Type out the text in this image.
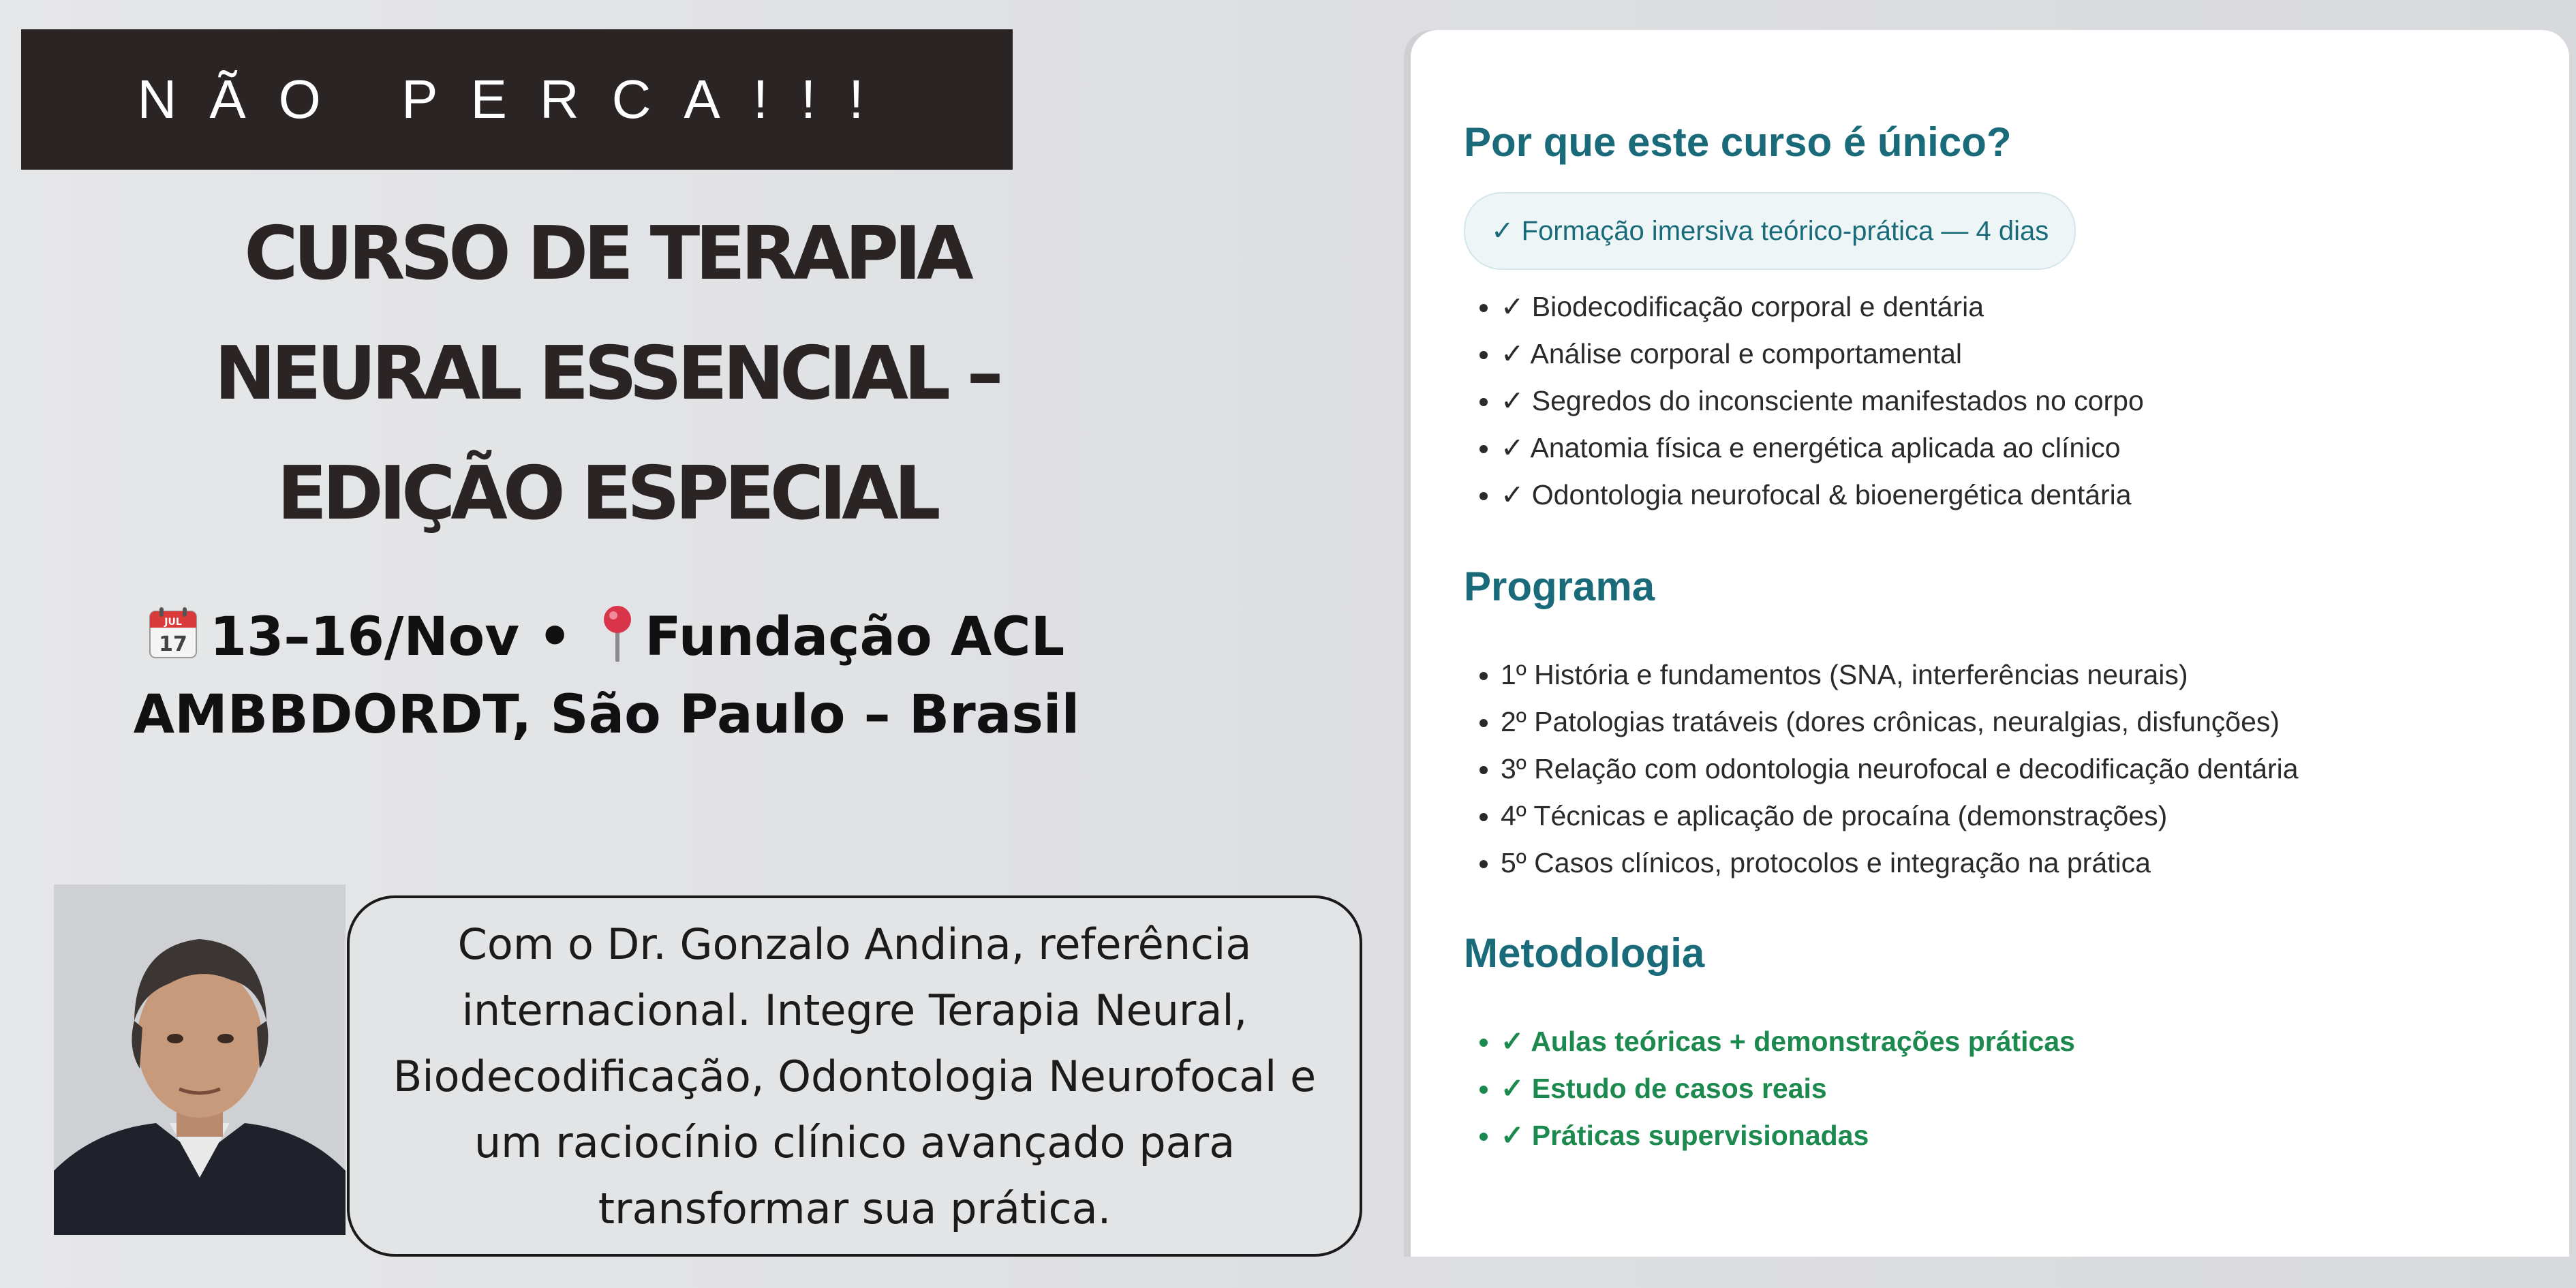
NÃO PERCA!!!
CURSO DE TERAPIA
NEURAL ESSENCIAL –
EDIÇÃO ESPECIAL
JUL
17 13–16/Nov • Fundação ACL
AMBBDORDT, São Paulo – Brasil

Com o Dr. Gonzalo Andina, referência
internacional. Integre Terapia Neural,
Biodecodificação, Odontologia Neurofocal e
um raciocínio clínico avançado para
transformar sua prática.

Por que este curso é único?
✓ Formação imersiva teórico-prática — 4 dias
• ✓ Biodecodificação corporal e dentária
• ✓ Análise corporal e comportamental
• ✓ Segredos do inconsciente manifestados no corpo
• ✓ Anatomia física e energética aplicada ao clínico
• ✓ Odontologia neurofocal & bioenergética dentária
Programa
• 1º História e fundamentos (SNA, interferências neurais)
• 2º Patologias tratáveis (dores crônicas, neuralgias, disfunções)
• 3º Relação com odontologia neurofocal e decodificação dentária
• 4º Técnicas e aplicação de procaína (demonstrações)
• 5º Casos clínicos, protocolos e integração na prática
Metodologia
• ✓ Aulas teóricas + demonstrações práticas
• ✓ Estudo de casos reais
• ✓ Práticas supervisionadas
